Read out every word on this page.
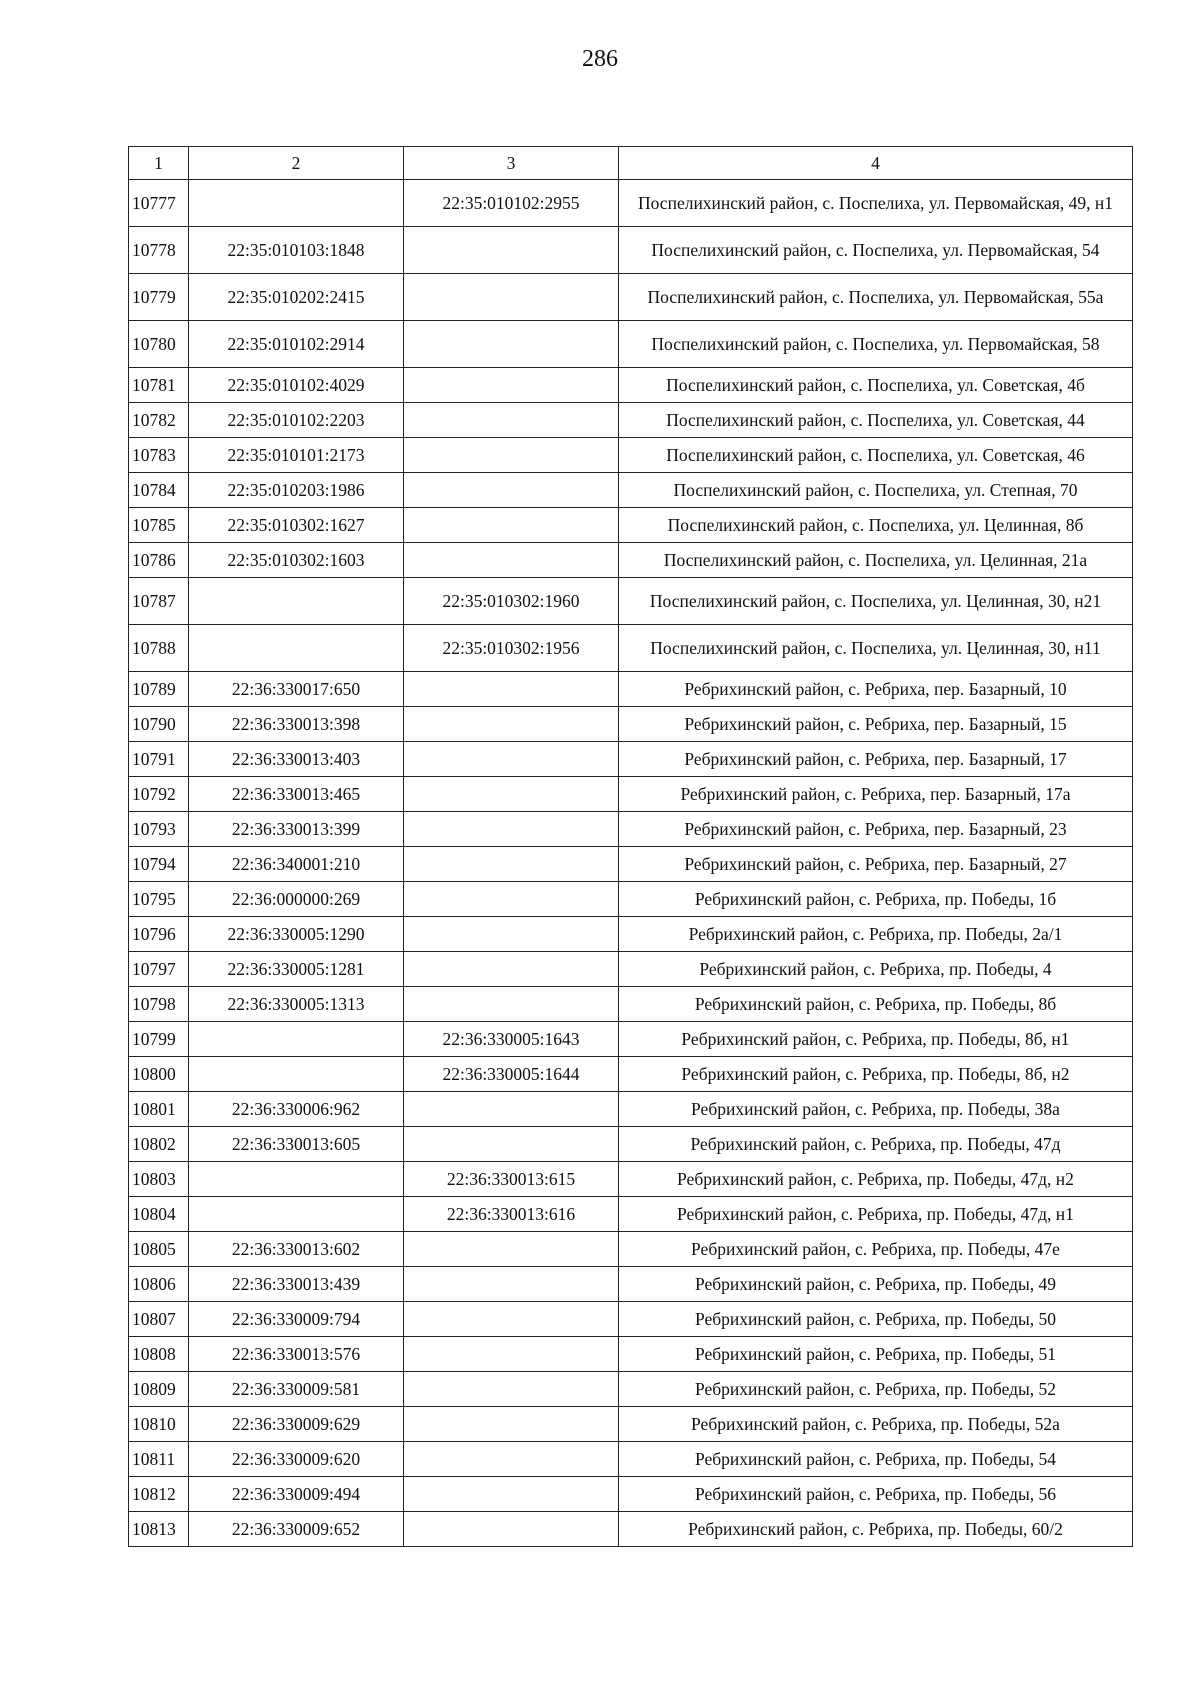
286
1	2	3	4
10777		22:35:010102:2955	Поспелихинский район, с. Поспелиха, ул. Первомайская, 49, н1
10778	22:35:010103:1848		Поспелихинский район, с. Поспелиха, ул. Первомайская, 54
10779	22:35:010202:2415		Поспелихинский район, с. Поспелиха, ул. Первомайская, 55а
10780	22:35:010102:2914		Поспелихинский район, с. Поспелиха, ул. Первомайская, 58
10781	22:35:010102:4029		Поспелихинский район, с. Поспелиха, ул. Советская, 4б
10782	22:35:010102:2203		Поспелихинский район, с. Поспелиха, ул. Советская, 44
10783	22:35:010101:2173		Поспелихинский район, с. Поспелиха, ул. Советская, 46
10784	22:35:010203:1986		Поспелихинский район, с. Поспелиха, ул. Степная, 70
10785	22:35:010302:1627		Поспелихинский район, с. Поспелиха, ул. Целинная, 8б
10786	22:35:010302:1603		Поспелихинский район, с. Поспелиха, ул. Целинная, 21а
10787		22:35:010302:1960	Поспелихинский район, с. Поспелиха, ул. Целинная, 30, н21
10788		22:35:010302:1956	Поспелихинский район, с. Поспелиха, ул. Целинная, 30, н11
10789	22:36:330017:650		Ребрихинский район, с. Ребриха, пер. Базарный, 10
10790	22:36:330013:398		Ребрихинский район, с. Ребриха, пер. Базарный, 15
10791	22:36:330013:403		Ребрихинский район, с. Ребриха, пер. Базарный, 17
10792	22:36:330013:465		Ребрихинский район, с. Ребриха, пер. Базарный, 17а
10793	22:36:330013:399		Ребрихинский район, с. Ребриха, пер. Базарный, 23
10794	22:36:340001:210		Ребрихинский район, с. Ребриха, пер. Базарный, 27
10795	22:36:000000:269		Ребрихинский район, с. Ребриха, пр. Победы, 1б
10796	22:36:330005:1290		Ребрихинский район, с. Ребриха, пр. Победы, 2а/1
10797	22:36:330005:1281		Ребрихинский район, с. Ребриха, пр. Победы, 4
10798	22:36:330005:1313		Ребрихинский район, с. Ребриха, пр. Победы, 8б
10799		22:36:330005:1643	Ребрихинский район, с. Ребриха, пр. Победы, 8б, н1
10800		22:36:330005:1644	Ребрихинский район, с. Ребриха, пр. Победы, 8б, н2
10801	22:36:330006:962		Ребрихинский район, с. Ребриха, пр. Победы, 38а
10802	22:36:330013:605		Ребрихинский район, с. Ребриха, пр. Победы, 47д
10803		22:36:330013:615	Ребрихинский район, с. Ребриха, пр. Победы, 47д, н2
10804		22:36:330013:616	Ребрихинский район, с. Ребриха, пр. Победы, 47д, н1
10805	22:36:330013:602		Ребрихинский район, с. Ребриха, пр. Победы, 47е
10806	22:36:330013:439		Ребрихинский район, с. Ребриха, пр. Победы, 49
10807	22:36:330009:794		Ребрихинский район, с. Ребриха, пр. Победы, 50
10808	22:36:330013:576		Ребрихинский район, с. Ребриха, пр. Победы, 51
10809	22:36:330009:581		Ребрихинский район, с. Ребриха, пр. Победы, 52
10810	22:36:330009:629		Ребрихинский район, с. Ребриха, пр. Победы, 52а
10811	22:36:330009:620		Ребрихинский район, с. Ребриха, пр. Победы, 54
10812	22:36:330009:494		Ребрихинский район, с. Ребриха, пр. Победы, 56
10813	22:36:330009:652		Ребрихинский район, с. Ребриха, пр. Победы, 60/2
